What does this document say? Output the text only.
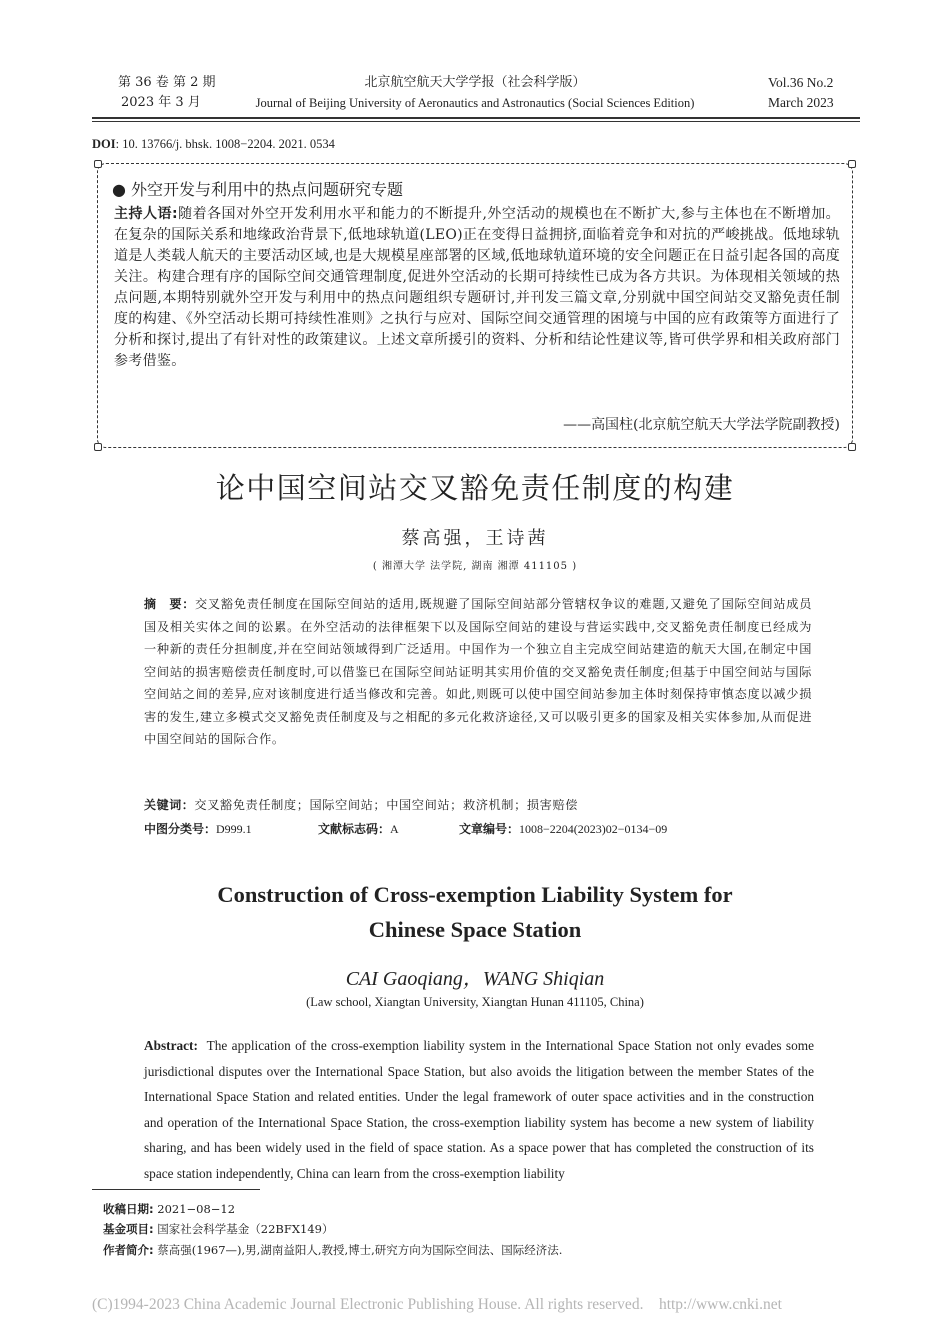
第 36 卷 第 2 期
2023 年 3 月
北京航空航天大学学报（社会科学版）
Journal of Beijing University of Aeronautics and Astronautics (Social Sciences Edition)
Vol.36 No.2
March 2023
DOI: 10. 13766/j. bhsk. 1008−2204. 2021. 0534
● 外空开发与利用中的热点问题研究专题
主持人语:随着各国对外空开发利用水平和能力的不断提升,外空活动的规模也在不断扩大,参与主体也在不断增加。在复杂的国际关系和地缘政治背景下,低地球轨道(LEO)正在变得日益拥挤,面临着竞争和对抗的严峻挑战。低地球轨道是人类载人航天的主要活动区域,也是大规模星座部署的区域,低地球轨道环境的安全问题正在日益引起各国的高度关注。构建合理有序的国际空间交通管理制度,促进外空活动的长期可持续性已成为各方共识。为体现相关领域的热点问题,本期特别就外空开发与利用中的热点问题组织专题研讨,并刊发三篇文章,分别就中国空间站交叉豁免责任制度的构建、《外空活动长期可持续性准则》之执行与应对、国际空间交通管理的困境与中国的应有政策等方面进行了分析和探讨,提出了有针对性的政策建议。上述文章所援引的资料、分析和结论性建议等,皆可供学界和相关政府部门参考借鉴。
——高国柱(北京航空航天大学法学院副教授)
论中国空间站交叉豁免责任制度的构建
蔡高强，王诗茜
( 湘潭大学 法学院, 湖南 湘潭 411105 )
摘　要：交叉豁免责任制度在国际空间站的适用,既规避了国际空间站部分管辖权争议的难题,又避免了国际空间站成员国及相关实体之间的讼累。在外空活动的法律框架下以及国际空间站的建设与营运实践中,交叉豁免责任制度已经成为一种新的责任分担制度,并在空间站领域得到广泛适用。中国作为一个独立自主完成空间站建造的航天大国,在制定中国空间站的损害赔偿责任制度时,可以借鉴已在国际空间站证明其实用价值的交叉豁免责任制度;但基于中国空间站与国际空间站之间的差异,应对该制度进行适当修改和完善。如此,则既可以使中国空间站参加主体时刻保持审慎态度以减少损害的发生,建立多模式交叉豁免责任制度及与之相配的多元化救济途径,又可以吸引更多的国家及相关实体参加,从而促进中国空间站的国际合作。
关键词：交叉豁免责任制度；国际空间站；中国空间站；救济机制；损害赔偿
中图分类号：D999.1	文献标志码：A	文章编号：1008−2204(2023)02−0134−09
Construction of Cross-exemption Liability System for
Chinese Space Station
CAI Gaoqiang，WANG Shiqian
(Law school, Xiangtan University, Xiangtan Hunan 411105, China)
Abstract: The application of the cross-exemption liability system in the International Space Station not only evades some jurisdictional disputes over the International Space Station, but also avoids the litigation between the member States of the International Space Station and related entities. Under the legal framework of outer space activities and in the construction and operation of the International Space Station, the cross-exemption liability system has become a new system of liability sharing, and has been widely used in the field of space station. As a space power that has completed the construction of its space station independently, China can learn from the cross-exemption liability
收稿日期: 2021−08−12
基金项目: 国家社会科学基金（22BFX149）
作者简介: 蔡高强(1967—),男,湖南益阳人,教授,博士,研究方向为国际空间法、国际经济法.
(C)1994-2023 China Academic Journal Electronic Publishing House. All rights reserved.    http://www.cnki.net
